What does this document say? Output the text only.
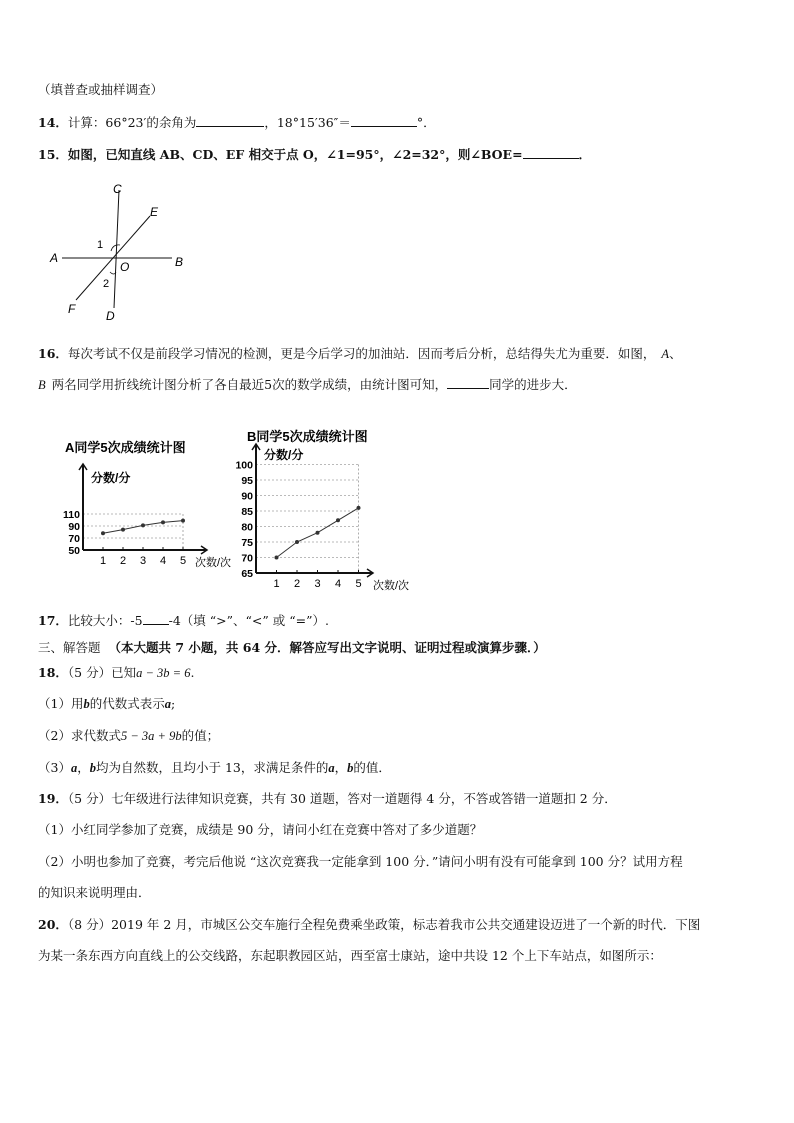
（填普查或抽样调查）
14．计算：66°23′的余角为	，18°15′36″＝	°．
15．如图，已知直线 AB、CD、EF 相交于点 O，∠1=95°，∠2=32°，则∠BOE=	．
C
E
A
O	B
F	D
1
2
16．每次考试不仅是前段学习情况的检测，更是今后学习的加油站．因而考后分析，总结得失尤为重要．如图， A、
B 两名同学用折线统计图分析了各自最近5次的数学成绩，由统计图可知，	同学的进步大．
A同学5次成绩统计图
分数/分
50
70
90
110
1 2 3 4 5 次数/次
B同学5次成绩统计图
分数/分
65
70
75
80
85
90
95
100
1 2 3 4 5 次数/次
17．比较大小：-5 -4（填 “>”、“<” 或 “=”）.
三、解答题 （本大题共 7 小题，共 64 分．解答应写出文字说明、证明过程或演算步骤．）
18．（5 分）已知a − 3b = 6.
（1）用b的代数式表示a;
（2）求代数式5 − 3a + 9b的值；
（3）a，b均为自然数，且均小于 13，求满足条件的a，b的值．
19．（5 分）七年级进行法律知识竞赛，共有 30 道题，答对一道题得 4 分，不答或答错一道题扣 2 分．
（1）小红同学参加了竞赛，成绩是 90 分，请问小红在竞赛中答对了多少道题？
（2）小明也参加了竞赛，考完后他说 “这次竞赛我一定能拿到 100 分．”请问小明有没有可能拿到 100 分？试用方程
的知识来说明理由．
20．（8 分）2019 年 2 月，市城区公交车施行全程免费乘坐政策，标志着我市公共交通建设迈进了一个新的时代．下图
为某一条东西方向直线上的公交线路，东起职教园区站，西至富士康站，途中共设 12 个上下车站点，如图所示：
